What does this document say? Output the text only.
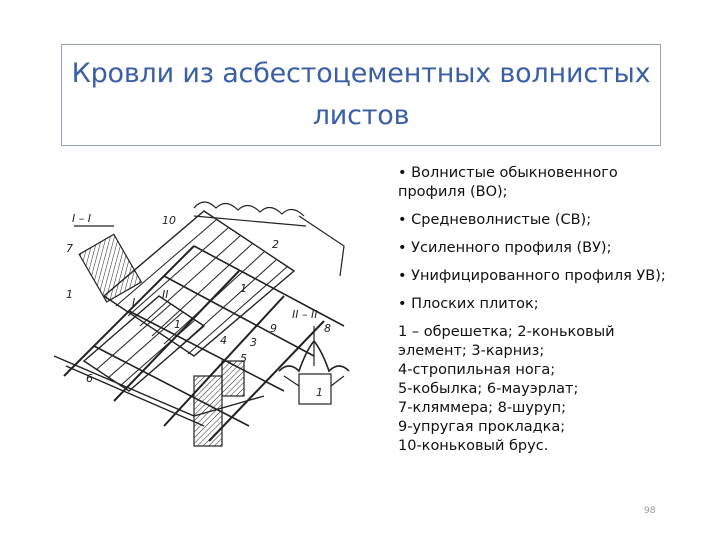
Кровли из асбестоцементных волнистых листов
I – I
II – II
I
II
10
2
7
1	1
1	9	8
3
4
5
6
1

• Волнистые обыкновенного профиля (ВО);

• Средневолнистые (СВ);

• Усиленного профиля (ВУ);

• Унифицированного профиля УВ);

• Плоских плиток;

1 – обрешетка; 2-коньковый элемент; 3-карниз;
4-стропильная нога;
5-кобылка; 6-мауэрлат;
7-кляммера; 8-шуруп;
9-упругая прокладка;
10-коньковый брус.
98
